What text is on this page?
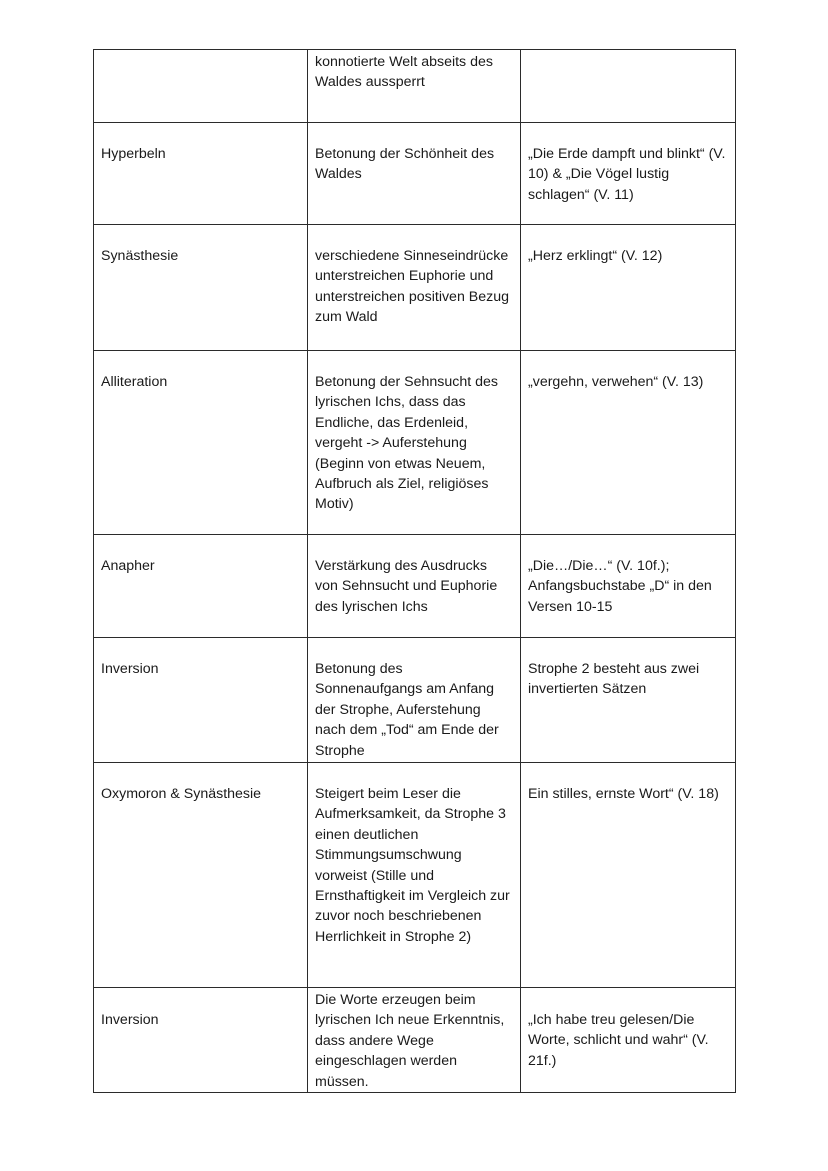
	konnotierte Welt abseits des Waldes aussperrt	
Hyperbeln	Betonung der Schönheit des Waldes	„Die Erde dampft und blinkt“ (V. 10) & „Die Vögel lustig schlagen“ (V. 11)
Synästhesie	verschiedene Sinneseindrücke unterstreichen Euphorie und unterstreichen positiven Bezug zum Wald	„Herz erklingt“ (V. 12)
Alliteration	Betonung der Sehnsucht des lyrischen Ichs, dass das Endliche, das Erdenleid, vergeht -> Auferstehung (Beginn von etwas Neuem, Aufbruch als Ziel, religiöses Motiv)	„vergehn, verwehen“ (V. 13)
Anapher	Verstärkung des Ausdrucks von Sehnsucht und Euphorie des lyrischen Ichs	„Die…/Die…“ (V. 10f.); Anfangsbuchstabe „D“ in den Versen 10-15
Inversion	Betonung des Sonnenaufgangs am Anfang der Strophe, Auferstehung nach dem „Tod“ am Ende der Strophe	Strophe 2 besteht aus zwei invertierten Sätzen
Oxymoron & Synästhesie	Steigert beim Leser die Aufmerksamkeit, da Strophe 3 einen deutlichen Stimmungsumschwung vorweist (Stille und Ernsthaftigkeit im Vergleich zur zuvor noch beschriebenen Herrlichkeit in Strophe 2)	Ein stilles, ernste Wort“ (V. 18)
Inversion	Die Worte erzeugen beim lyrischen Ich neue Erkenntnis, dass andere Wege eingeschlagen werden müssen.	„Ich habe treu gelesen/Die Worte, schlicht und wahr“ (V. 21f.)
